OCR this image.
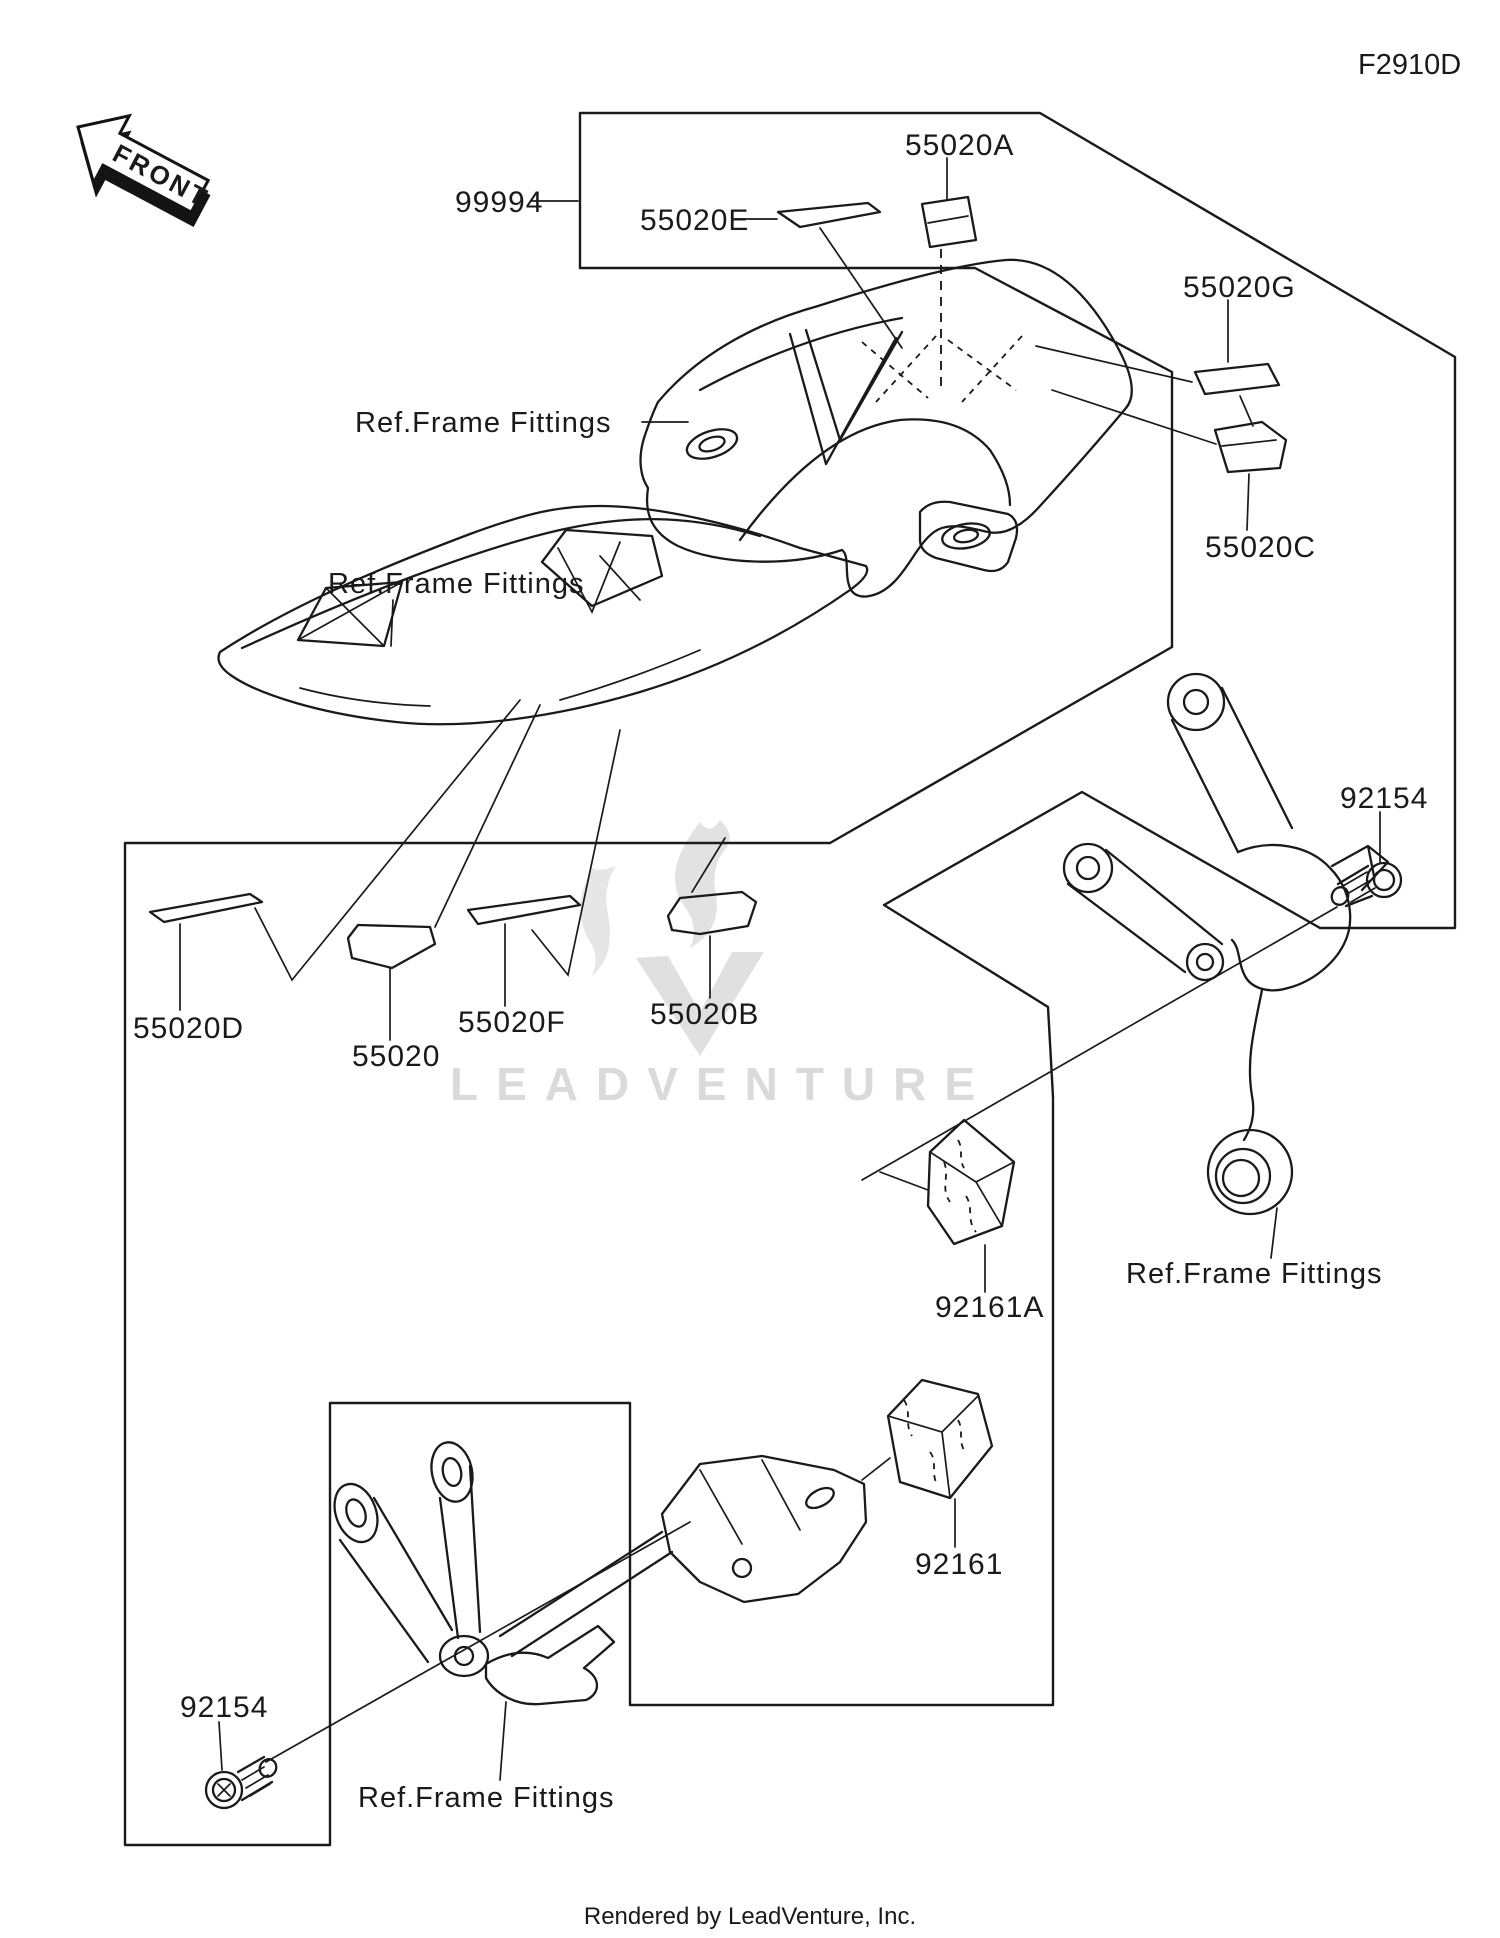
LEADVENTURE
FRONT	99994
55020E
55020A
55020G
55020C
Ref.Frame Fittings
Ref.Frame Fittings
55020D
55020
55020F	55020B
92154
92161A
Ref.Frame Fittings
92161
92154
Ref.Frame Fittings
F2910D
Rendered by LeadVenture, Inc.
